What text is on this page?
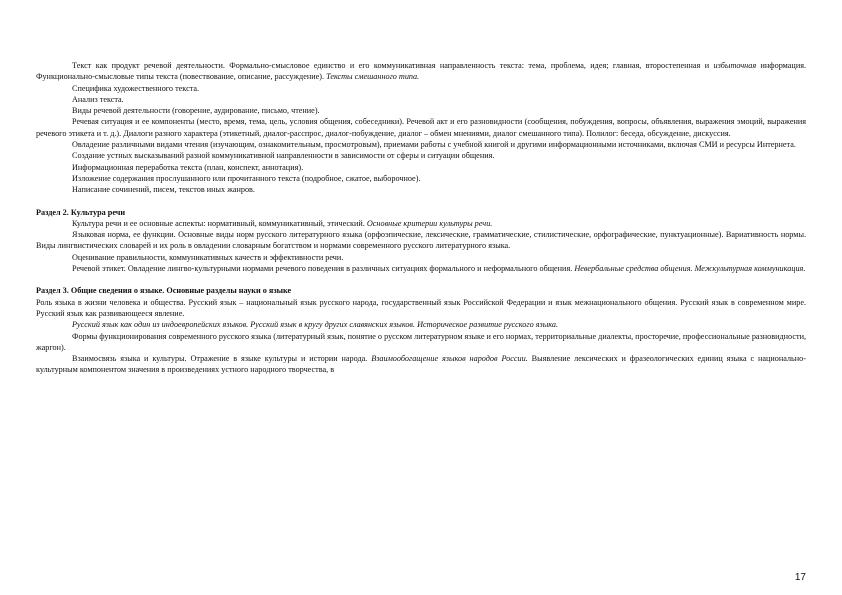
Текст как продукт речевой деятельности. Формально-смысловое единство и его коммуникативная направленность текста: тема, проблема, идея; главная, второстепенная и избыточная информация. Функционально-смысловые типы текста (повествование, описание, рассуждение). Тексты смешанного типа.

Специфика художественного текста.

Анализ текста.

Виды речевой деятельности (говорение, аудирование, письмо, чтение).

Речевая ситуация и ее компоненты (место, время, тема, цель, условия общения, собеседники). Речевой акт и его разновидности (сообщения, побуждения, вопросы, объявления, выражения эмоций, выражения речевого этикета и т. д.). Диалоги разного характера (этикетный, диалог-расспрос, диалог-побуждение, диалог – обмен мнениями, диалог смешанного типа). Полилог: беседа, обсуждение, дискуссия.

Овладение различными видами чтения (изучающим, ознакомительным, просмотровым), приемами работы с учебной книгой и другими информационными источниками, включая СМИ и ресурсы Интернета.

Создание устных высказываний разной коммуникативной направленности в зависимости от сферы и ситуации общения.

Информационная переработка текста (план, конспект, аннотация).

Изложение содержания прослушанного или прочитанного текста (подробное, сжатое, выборочное).

Написание сочинений, писем, текстов иных жанров.

Раздел 2. Культура речи

Культура речи и ее основные аспекты: нормативный, коммуникативный, этический. Основные критерии культуры речи.

Языковая норма, ее функции. Основные виды норм русского литературного языка (орфоэпические, лексические, грамматические, стилистические, орфографические, пунктуационные). Вариативность нормы. Виды лингвистических словарей и их роль в овладении словарным богатством и нормами современного русского литературного языка.

Оценивание правильности, коммуникативных качеств и эффективности речи.

Речевой этикет. Овладение лингво-культурными нормами речевого поведения в различных ситуациях формального и неформального общения. Невербальные средства общения. Межкультурная коммуникация.

Раздел 3. Общие сведения о языке. Основные разделы науки о языке

Роль языка в жизни человека и общества. Русский язык – национальный язык русского народа, государственный язык Российской Федерации и язык межнационального общения. Русский язык в современном мире. Русский язык как развивающееся явление.

Русский язык как один из индоевропейских языков. Русский язык в кругу других славянских языков. Историческое развитие русского языка.

Формы функционирования современного русского языка (литературный язык, понятие о русском литературном языке и его нормах, территориальные диалекты, просторечие, профессиональные разновидности, жаргон).

Взаимосвязь языка и культуры. Отражение в языке культуры и истории народа. Взаимообогащение языков народов России. Выявление лексических и фразеологических единиц языка с национально-культурным компонентом значения в произведениях устного народного творчества, в

17
